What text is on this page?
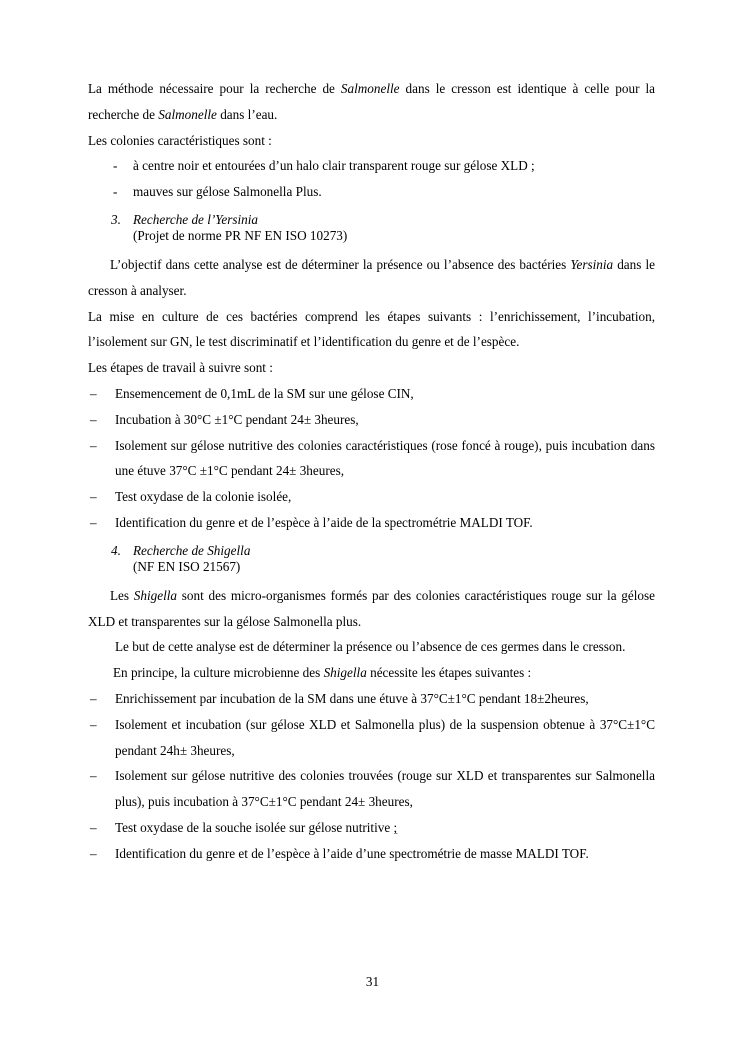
La méthode nécessaire pour la recherche de Salmonelle dans le cresson est identique à celle pour la recherche de Salmonelle dans l’eau.

Les colonies caractéristiques sont :

- à centre noir et entourées d’un halo clair transparent rouge sur gélose XLD ;
- mauves sur gélose Salmonella Plus.
3. Recherche de l’Yersinia
(Projet de norme PR NF EN ISO 10273)

L’objectif dans cette analyse est de déterminer la présence ou l’absence des bactéries Yersinia dans le cresson à analyser.

La mise en culture de ces bactéries comprend les étapes suivants : l’enrichissement, l’incubation, l’isolement sur GN, le test discriminatif et l’identification du genre et de l’espèce.

Les étapes de travail à suivre sont :

– Ensemencement de 0,1mL de la SM sur une gélose CIN,
– Incubation à 30°C ±1°C pendant 24± 3heures,
– Isolement sur gélose nutritive des colonies caractéristiques (rose foncé à rouge), puis incubation dans une étuve 37°C ±1°C pendant 24± 3heures,
– Test oxydase de la colonie isolée,
– Identification du genre et de l’espèce à l’aide de la spectrométrie MALDI TOF.
4. Recherche de Shigella
(NF EN ISO 21567)

Les Shigella sont des micro-organismes formés par des colonies caractéristiques rouge sur la gélose XLD et transparentes sur la gélose Salmonella plus.

Le but de cette analyse est de déterminer la présence ou l’absence de ces germes dans le cresson.

En principe, la culture microbienne des Shigella nécessite les étapes suivantes :

– Enrichissement par incubation de la SM dans une étuve à 37°C±1°C pendant 18±2heures,
– Isolement et incubation (sur gélose XLD et Salmonella plus) de la suspension obtenue à 37°C±1°C pendant 24h± 3heures,
– Isolement sur gélose nutritive des colonies trouvées (rouge sur XLD et transparentes sur Salmonella plus), puis incubation à 37°C±1°C pendant 24± 3heures,
– Test oxydase de la souche isolée sur gélose nutritive ;
– Identification du genre et de l’espèce à l’aide d’une spectrométrie de masse MALDI TOF.
31
